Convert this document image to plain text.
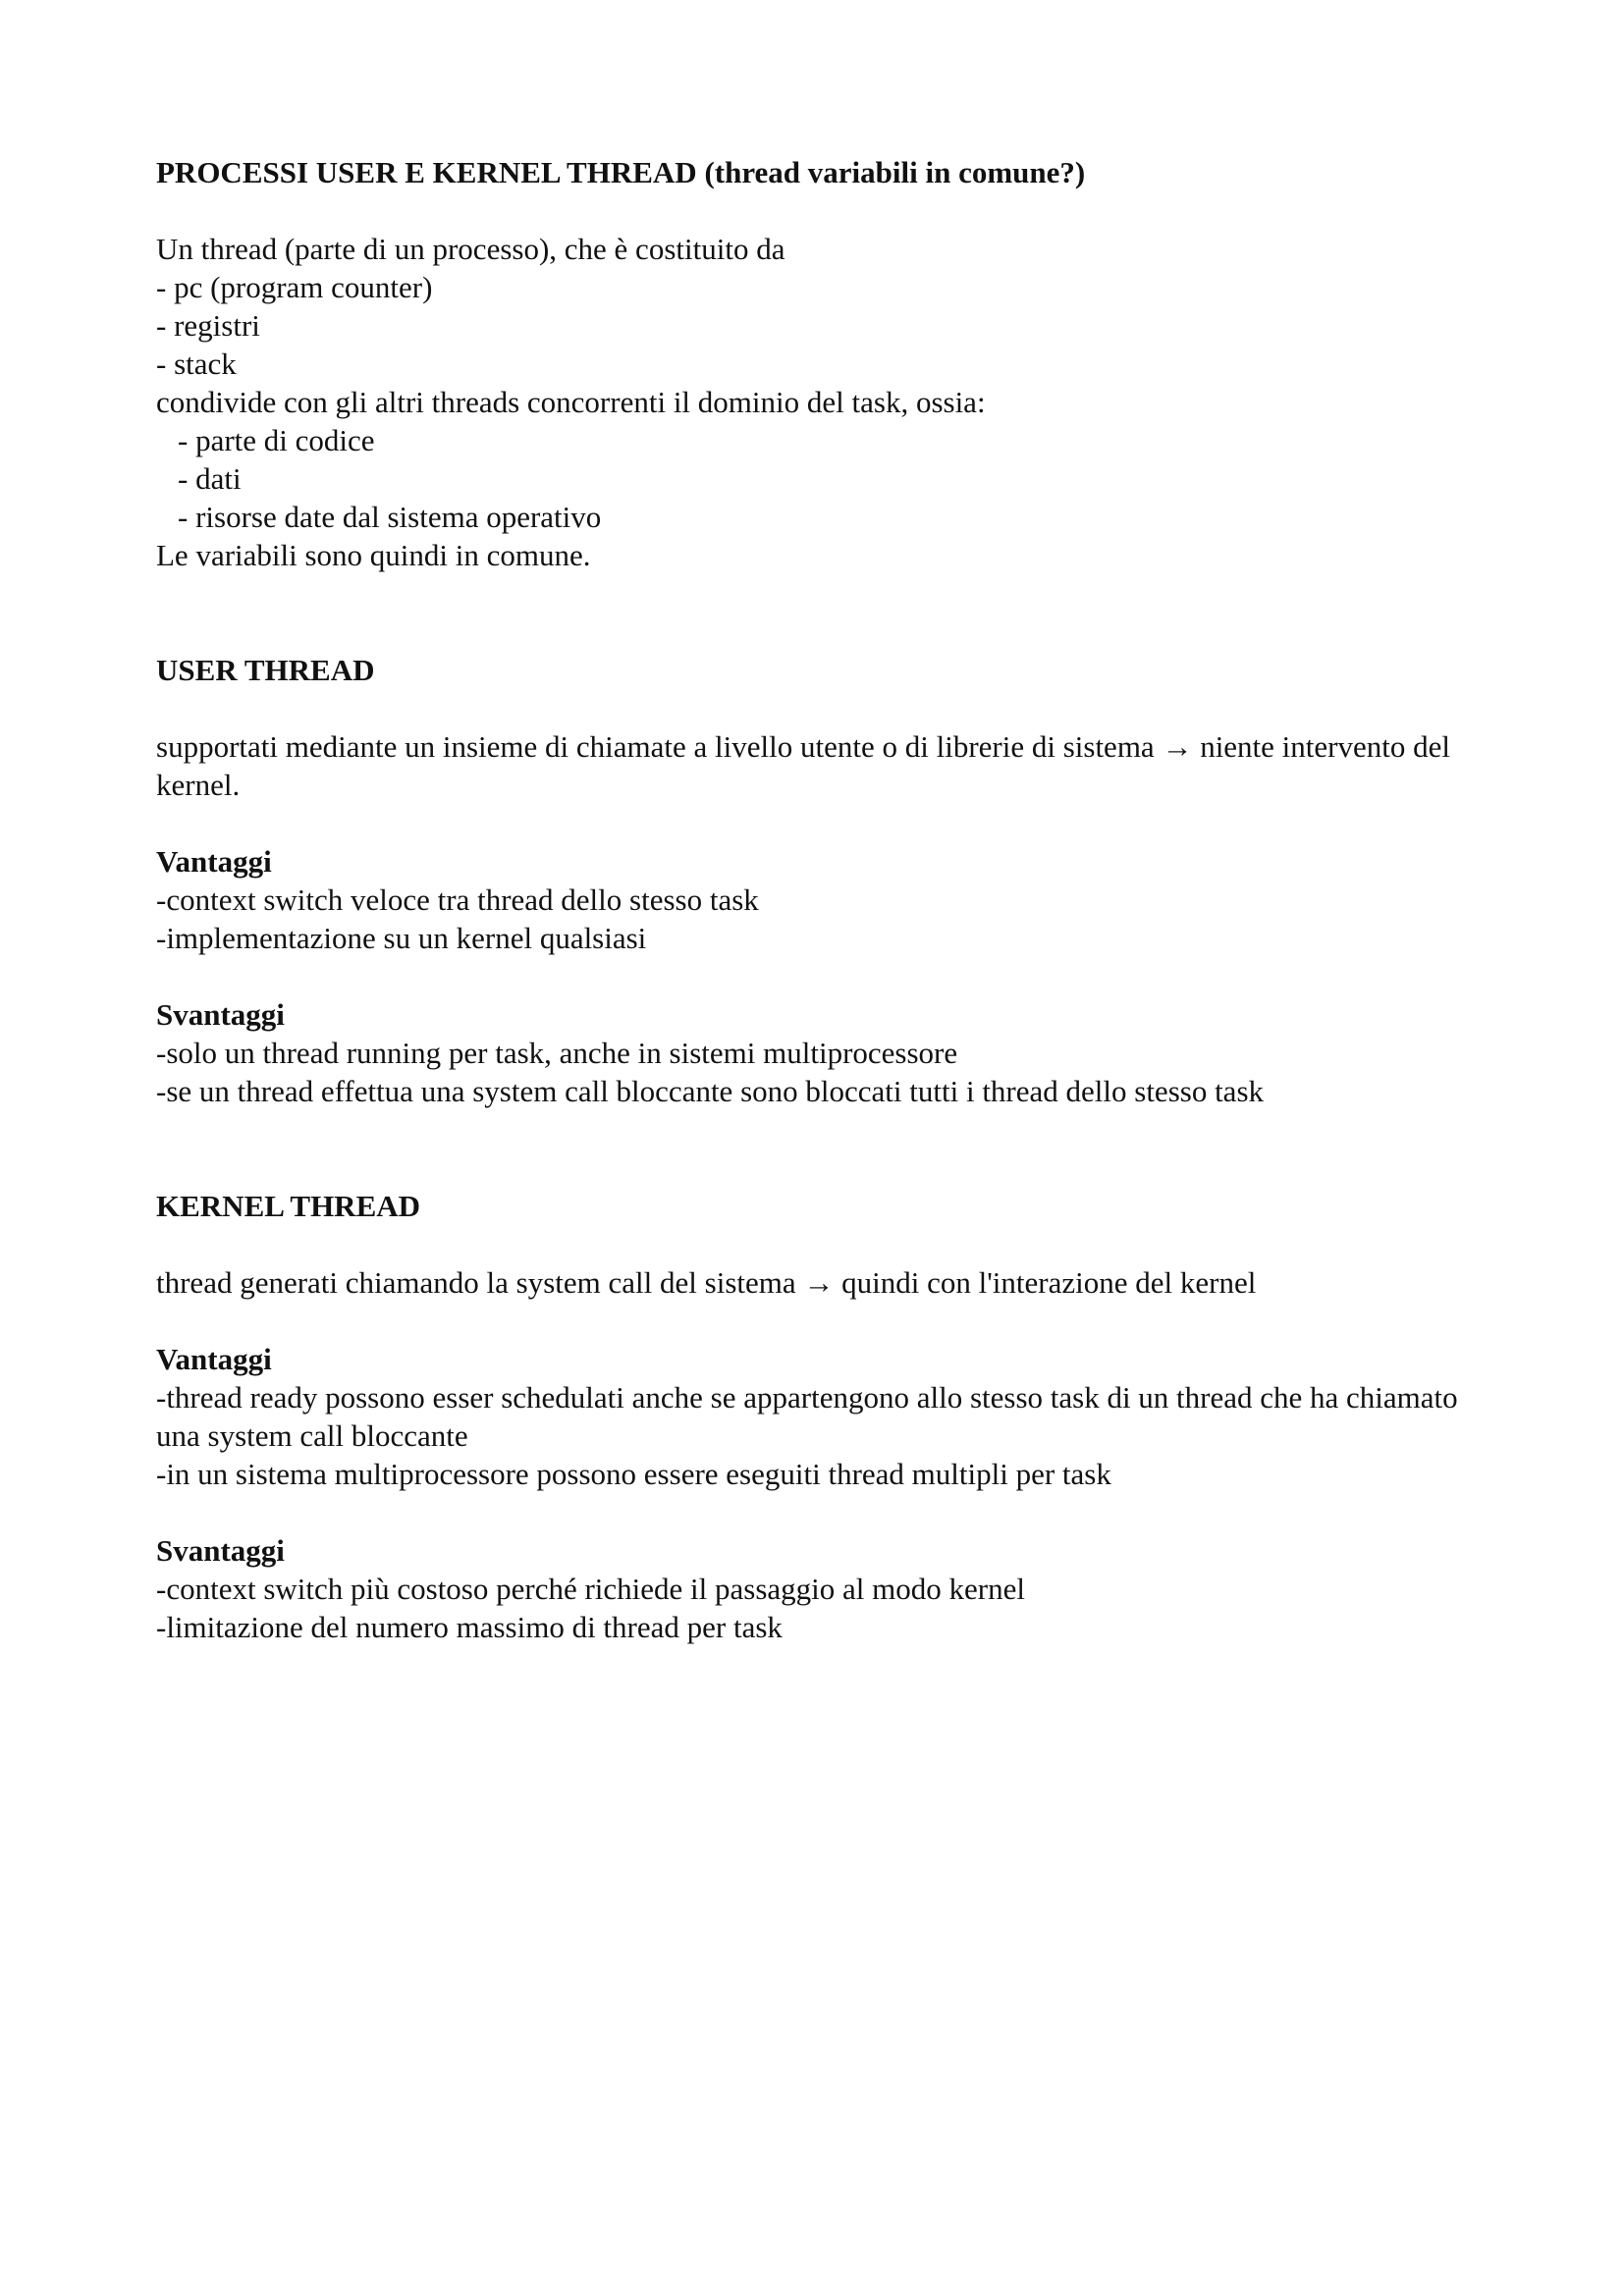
PROCESSI USER E KERNEL THREAD (thread variabili in comune?)
Un thread (parte di un processo), che è costituito da
- pc (program counter)
- registri
- stack
condivide con gli altri threads concorrenti il dominio del task, ossia:
- parte di codice
- dati
- risorse date dal sistema operativo
Le variabili sono quindi in comune.
USER THREAD
supportati mediante un insieme di chiamate a livello utente o di librerie di sistema → niente intervento del kernel.
Vantaggi
-context switch veloce tra thread dello stesso task
-implementazione su un kernel qualsiasi
Svantaggi
-solo un thread running per task, anche in sistemi multiprocessore
-se un thread effettua una system call bloccante sono bloccati tutti i thread dello stesso task
KERNEL THREAD
thread generati chiamando la system call del sistema → quindi con l'interazione del kernel
Vantaggi
-thread ready possono esser schedulati anche se appartengono allo stesso task di un thread che ha chiamato una system call bloccante
-in un sistema multiprocessore possono essere eseguiti thread multipli per task
Svantaggi
-context switch più costoso perché richiede il passaggio al modo kernel
-limitazione del numero massimo di thread per task
